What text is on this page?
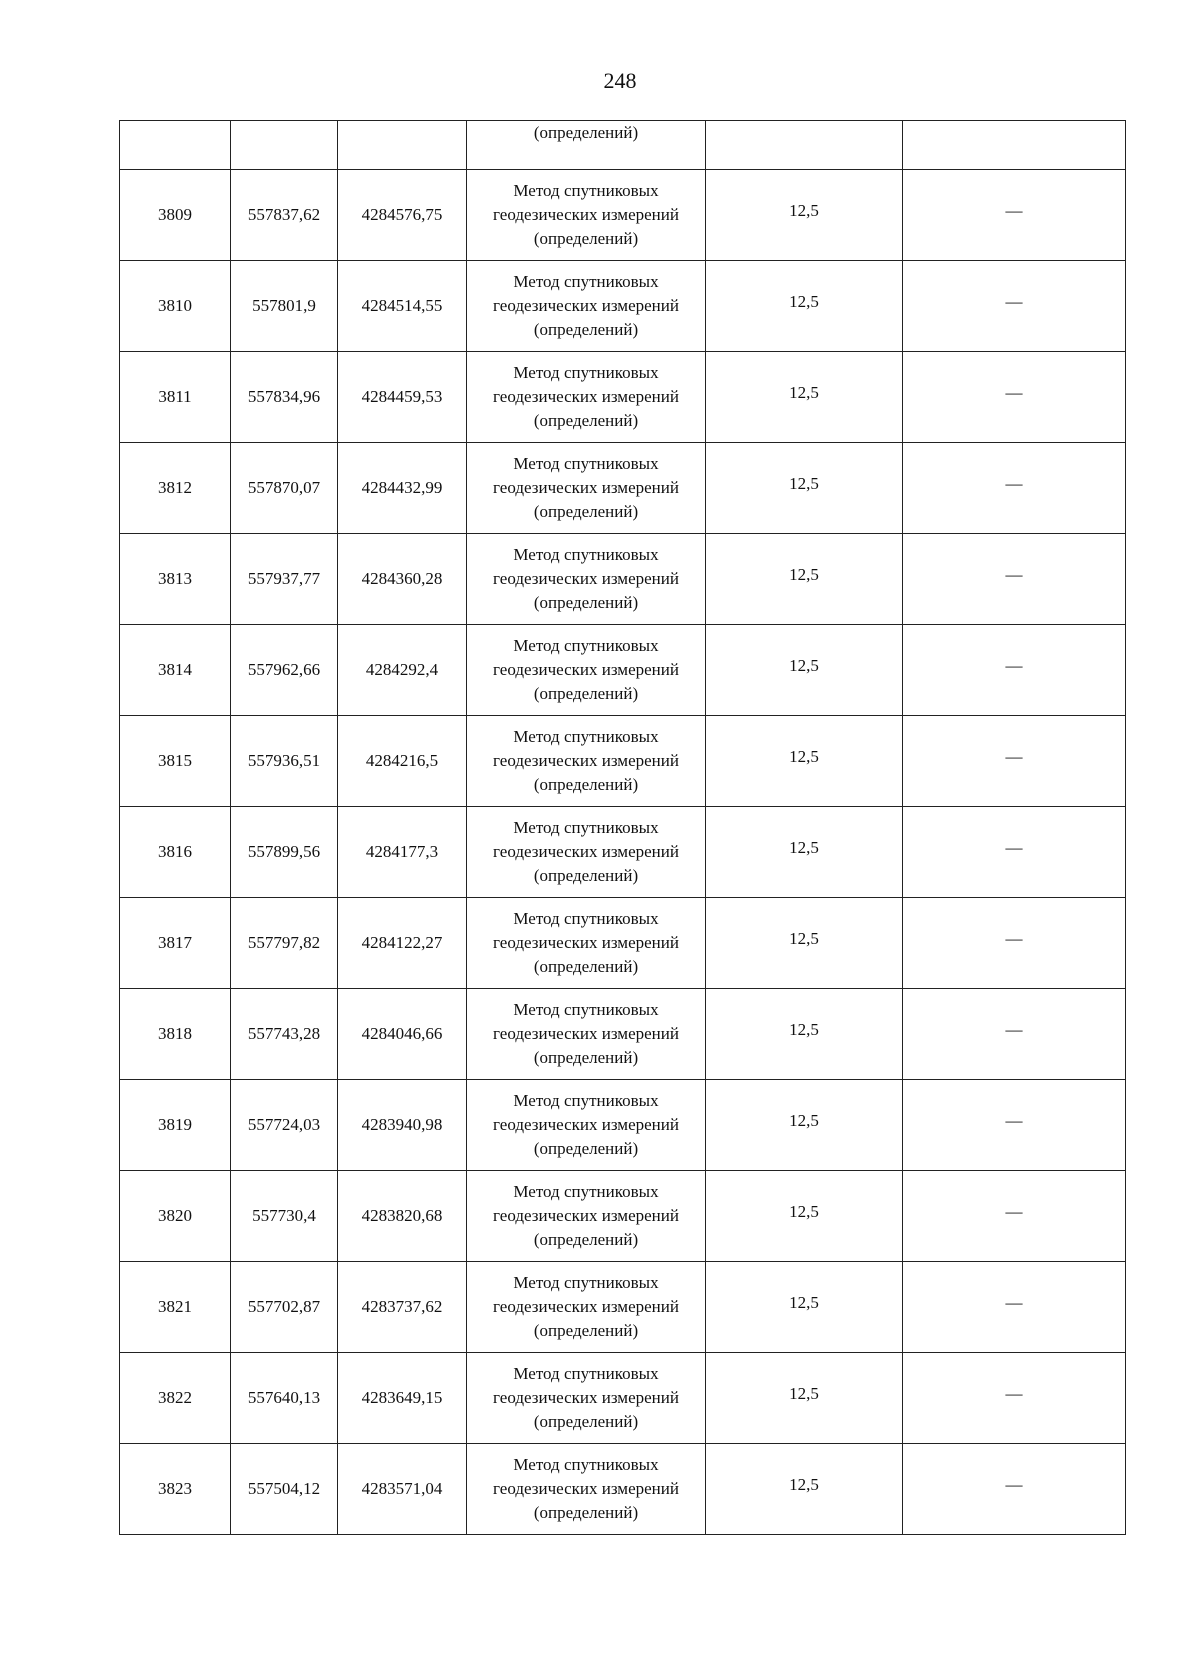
248
			(определений)		
3809	557837,62	4284576,75	Метод спутниковых
геодезических измерений
(определений)	12,5	—
3810	557801,9	4284514,55	Метод спутниковых
геодезических измерений
(определений)	12,5	—
3811	557834,96	4284459,53	Метод спутниковых
геодезических измерений
(определений)	12,5	—
3812	557870,07	4284432,99	Метод спутниковых
геодезических измерений
(определений)	12,5	—
3813	557937,77	4284360,28	Метод спутниковых
геодезических измерений
(определений)	12,5	—
3814	557962,66	4284292,4	Метод спутниковых
геодезических измерений
(определений)	12,5	—
3815	557936,51	4284216,5	Метод спутниковых
геодезических измерений
(определений)	12,5	—
3816	557899,56	4284177,3	Метод спутниковых
геодезических измерений
(определений)	12,5	—
3817	557797,82	4284122,27	Метод спутниковых
геодезических измерений
(определений)	12,5	—
3818	557743,28	4284046,66	Метод спутниковых
геодезических измерений
(определений)	12,5	—
3819	557724,03	4283940,98	Метод спутниковых
геодезических измерений
(определений)	12,5	—
3820	557730,4	4283820,68	Метод спутниковых
геодезических измерений
(определений)	12,5	—
3821	557702,87	4283737,62	Метод спутниковых
геодезических измерений
(определений)	12,5	—
3822	557640,13	4283649,15	Метод спутниковых
геодезических измерений
(определений)	12,5	—
3823	557504,12	4283571,04	Метод спутниковых
геодезических измерений
(определений)	12,5	—
